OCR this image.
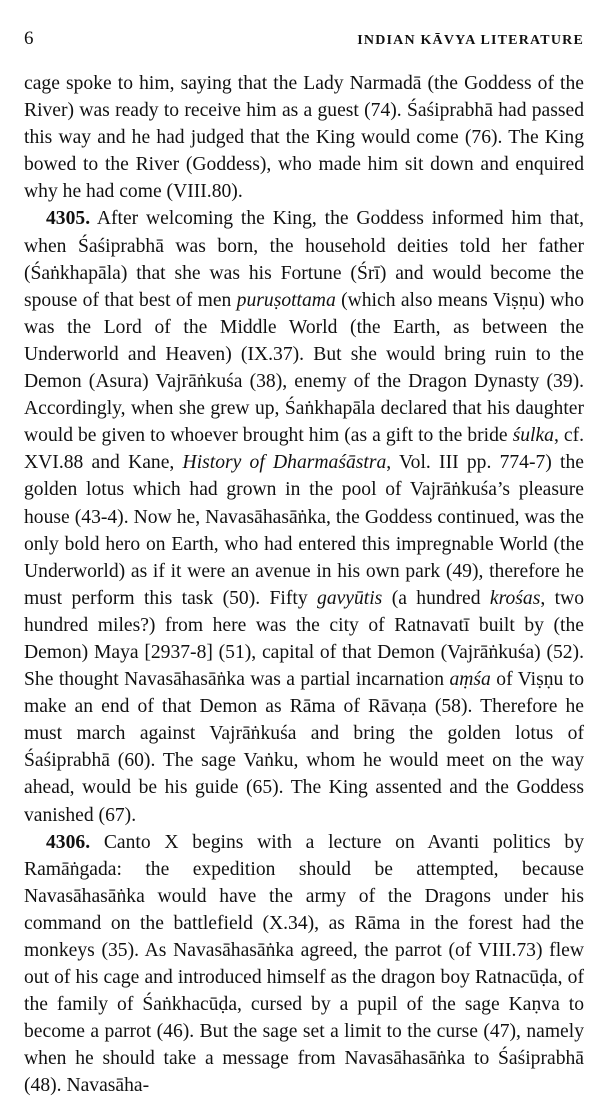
6	INDIAN KĀVYA LITERATURE

cage spoke to him, saying that the Lady Narmadā (the Goddess of the River) was ready to receive him as a guest (74). Śaśiprabhā had passed this way and he had judged that the King would come (76). The King bowed to the River (Goddess), who made him sit down and enquired why he had come (VIII.80).

4305. After welcoming the King, the Goddess informed him that, when Śaśiprabhā was born, the household deities told her father (Śaṅkhapāla) that she was his Fortune (Śrī) and would become the spouse of that best of men puruṣottama (which also means Viṣṇu) who was the Lord of the Middle World (the Earth, as between the Underworld and Heaven) (IX.37). But she would bring ruin to the Demon (Asura) Vajrāṅkuśa (38), enemy of the Dragon Dynasty (39). Accordingly, when she grew up, Śaṅkhapāla declared that his daughter would be given to whoever brought him (as a gift to the bride śulka, cf. XVI.88 and Kane, History of Dharmaśāstra, Vol. III pp. 774-7) the golden lotus which had grown in the pool of Vajrāṅkuśa’s pleasure house (43-4). Now he, Navasāhasāṅka, the Goddess continued, was the only bold hero on Earth, who had entered this impregnable World (the Underworld) as if it were an avenue in his own park (49), therefore he must perform this task (50). Fifty gavyūtis (a hundred krośas, two hundred miles?) from here was the city of Ratnavatī built by (the Demon) Maya [2937-8] (51), capital of that Demon (Vajrāṅkuśa) (52). She thought Navasāhasāṅka was a partial incarnation aṃśa of Viṣṇu to make an end of that Demon as Rāma of Rāvaṇa (58). Therefore he must march against Vajrāṅkuśa and bring the golden lotus of Śaśiprabhā (60). The sage Vaṅku, whom he would meet on the way ahead, would be his guide (65). The King assented and the Goddess vanished (67).

4306. Canto X begins with a lecture on Avanti politics by Ramāṅgada: the expedition should be attempted, because Navasāhasāṅka would have the army of the Dragons under his command on the battlefield (X.34), as Rāma in the forest had the monkeys (35). As Navasāhasāṅka agreed, the parrot (of VIII.73) flew out of his cage and introduced himself as the dragon boy Ratnacūḍa, of the family of Śaṅkhacūḍa, cursed by a pupil of the sage Kaṇva to become a parrot (46). But the sage set a limit to the curse (47), namely when he should take a message from Navasāhasāṅka to Śaśiprabhā (48). Navasāha-
